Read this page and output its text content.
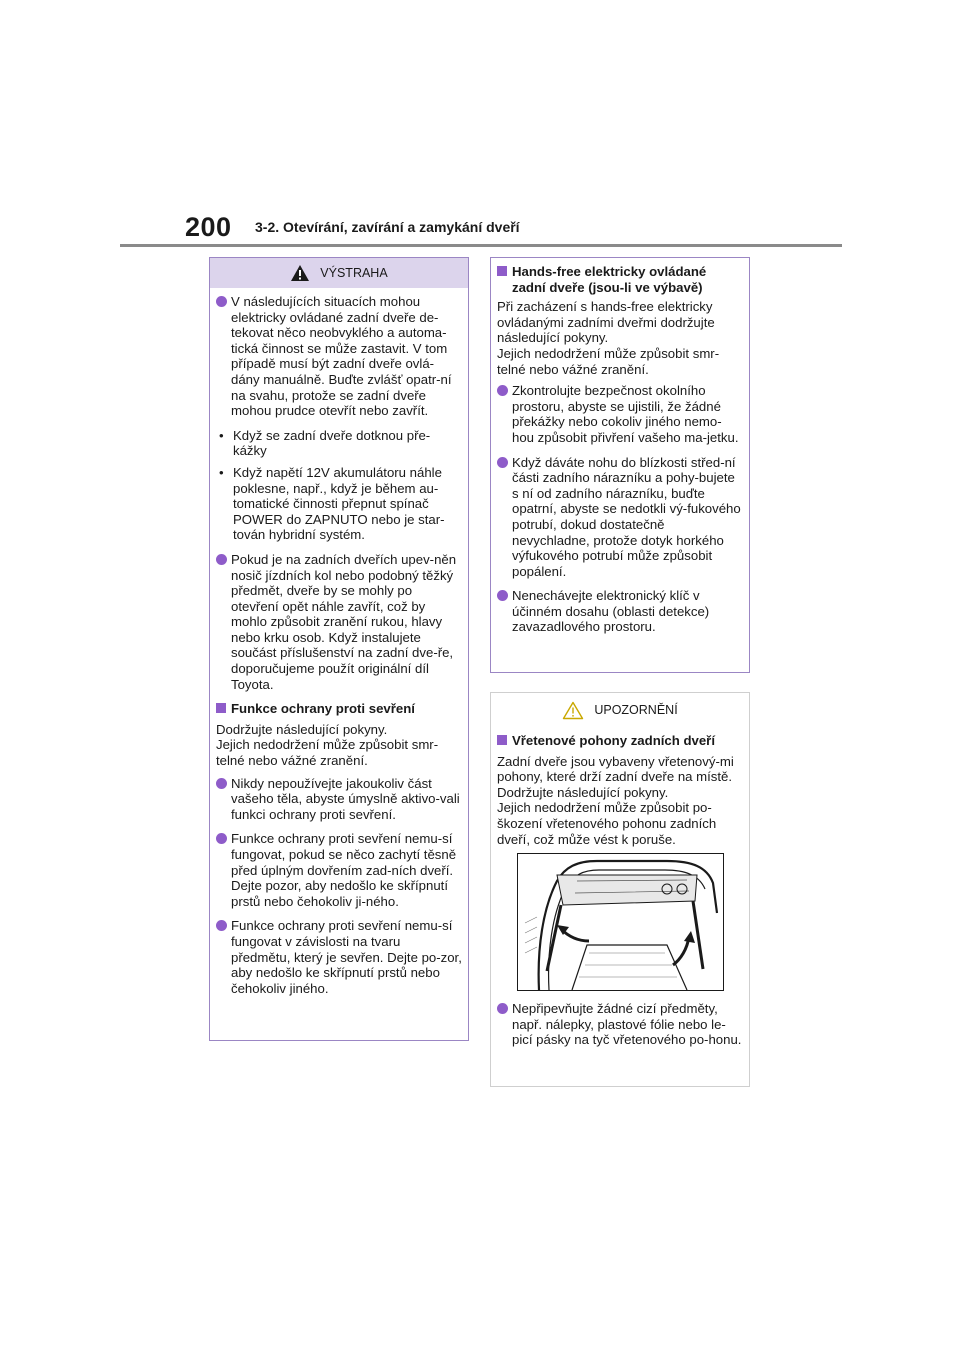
200 3-2. Otevírání, zavírání a zamykání dveří
VÝSTRAHA
V následujících situacích mohou elektricky ovládané zadní dveře de-tekovat něco neobvyklého a automa-tická činnost se může zastavit. V tom případě musí být zadní dveře ovlá-dány manuálně. Buďte zvlášť opatr-ní na svahu, protože se zadní dveře mohou prudce otevřít nebo zavřít.
• Když se zadní dveře dotknou pře-kážky
• Když napětí 12V akumulátoru náhle poklesne, např., když je během au-tomatické činnosti přepnut spínač POWER do ZAPNUTO nebo je star-tován hybridní systém.
Pokud je na zadních dveřích upev-něn nosič jízdních kol nebo podobný těžký předmět, dveře by se mohly po otevření opět náhle zavřít, což by mohlo způsobit zranění rukou, hlavy nebo krku osob. Když instalujete součást příslušenství na zadní dve-ře, doporučujeme použít originální díl Toyota.
Funkce ochrany proti sevření
Dodržujte následující pokyny.
Jejich nedodržení může způsobit smr-telné nebo vážné zranění.
Nikdy nepoužívejte jakoukoliv část vašeho těla, abyste úmyslně aktivo-vali funkci ochrany proti sevření.
Funkce ochrany proti sevření nemu-sí fungovat, pokud se něco zachytí těsně před úplným dovřením zad-ních dveří. Dejte pozor, aby nedošlo ke skřípnutí prstů nebo čehokoliv ji-ného.
Funkce ochrany proti sevření nemu-sí fungovat v závislosti na tvaru předmětu, který je sevřen. Dejte po-zor, aby nedošlo ke skřípnutí prstů nebo čehokoliv jiného.
Hands-free elektricky ovládané zadní dveře (jsou-li ve výbavě)
Při zacházení s hands-free elektricky ovládanými zadními dveřmi dodržujte následující pokyny.
Jejich nedodržení může způsobit smr-telné nebo vážné zranění.
Zkontrolujte bezpečnost okolního prostoru, abyste se ujistili, že žádné překážky nebo cokoliv jiného nemo-hou způsobit přivření vašeho ma-jetku.
Když dáváte nohu do blízkosti střed-ní části zadního nárazníku a pohy-bujete s ní od zadního nárazníku, buďte opatrní, abyste se nedotkli vý-fukového potrubí, dokud dostatečně nevychladne, protože dotyk horkého výfukového potrubí může způsobit popálení.
Nenechávejte elektronický klíč v účinném dosahu (oblasti detekce) zavazadlového prostoru.
UPOZORNĚNÍ
Vřetenové pohony zadních dveří
Zadní dveře jsou vybaveny vřetenový-mi pohony, které drží zadní dveře na místě.
Dodržujte následující pokyny.
Jejich nedodržení může způsobit po-škození vřetenového pohonu zadních dveří, což může vést k poruše.
Nepřipevňujte žádné cizí předměty, např. nálepky, plastové fólie nebo le-picí pásky na tyč vřetenového po-honu.
